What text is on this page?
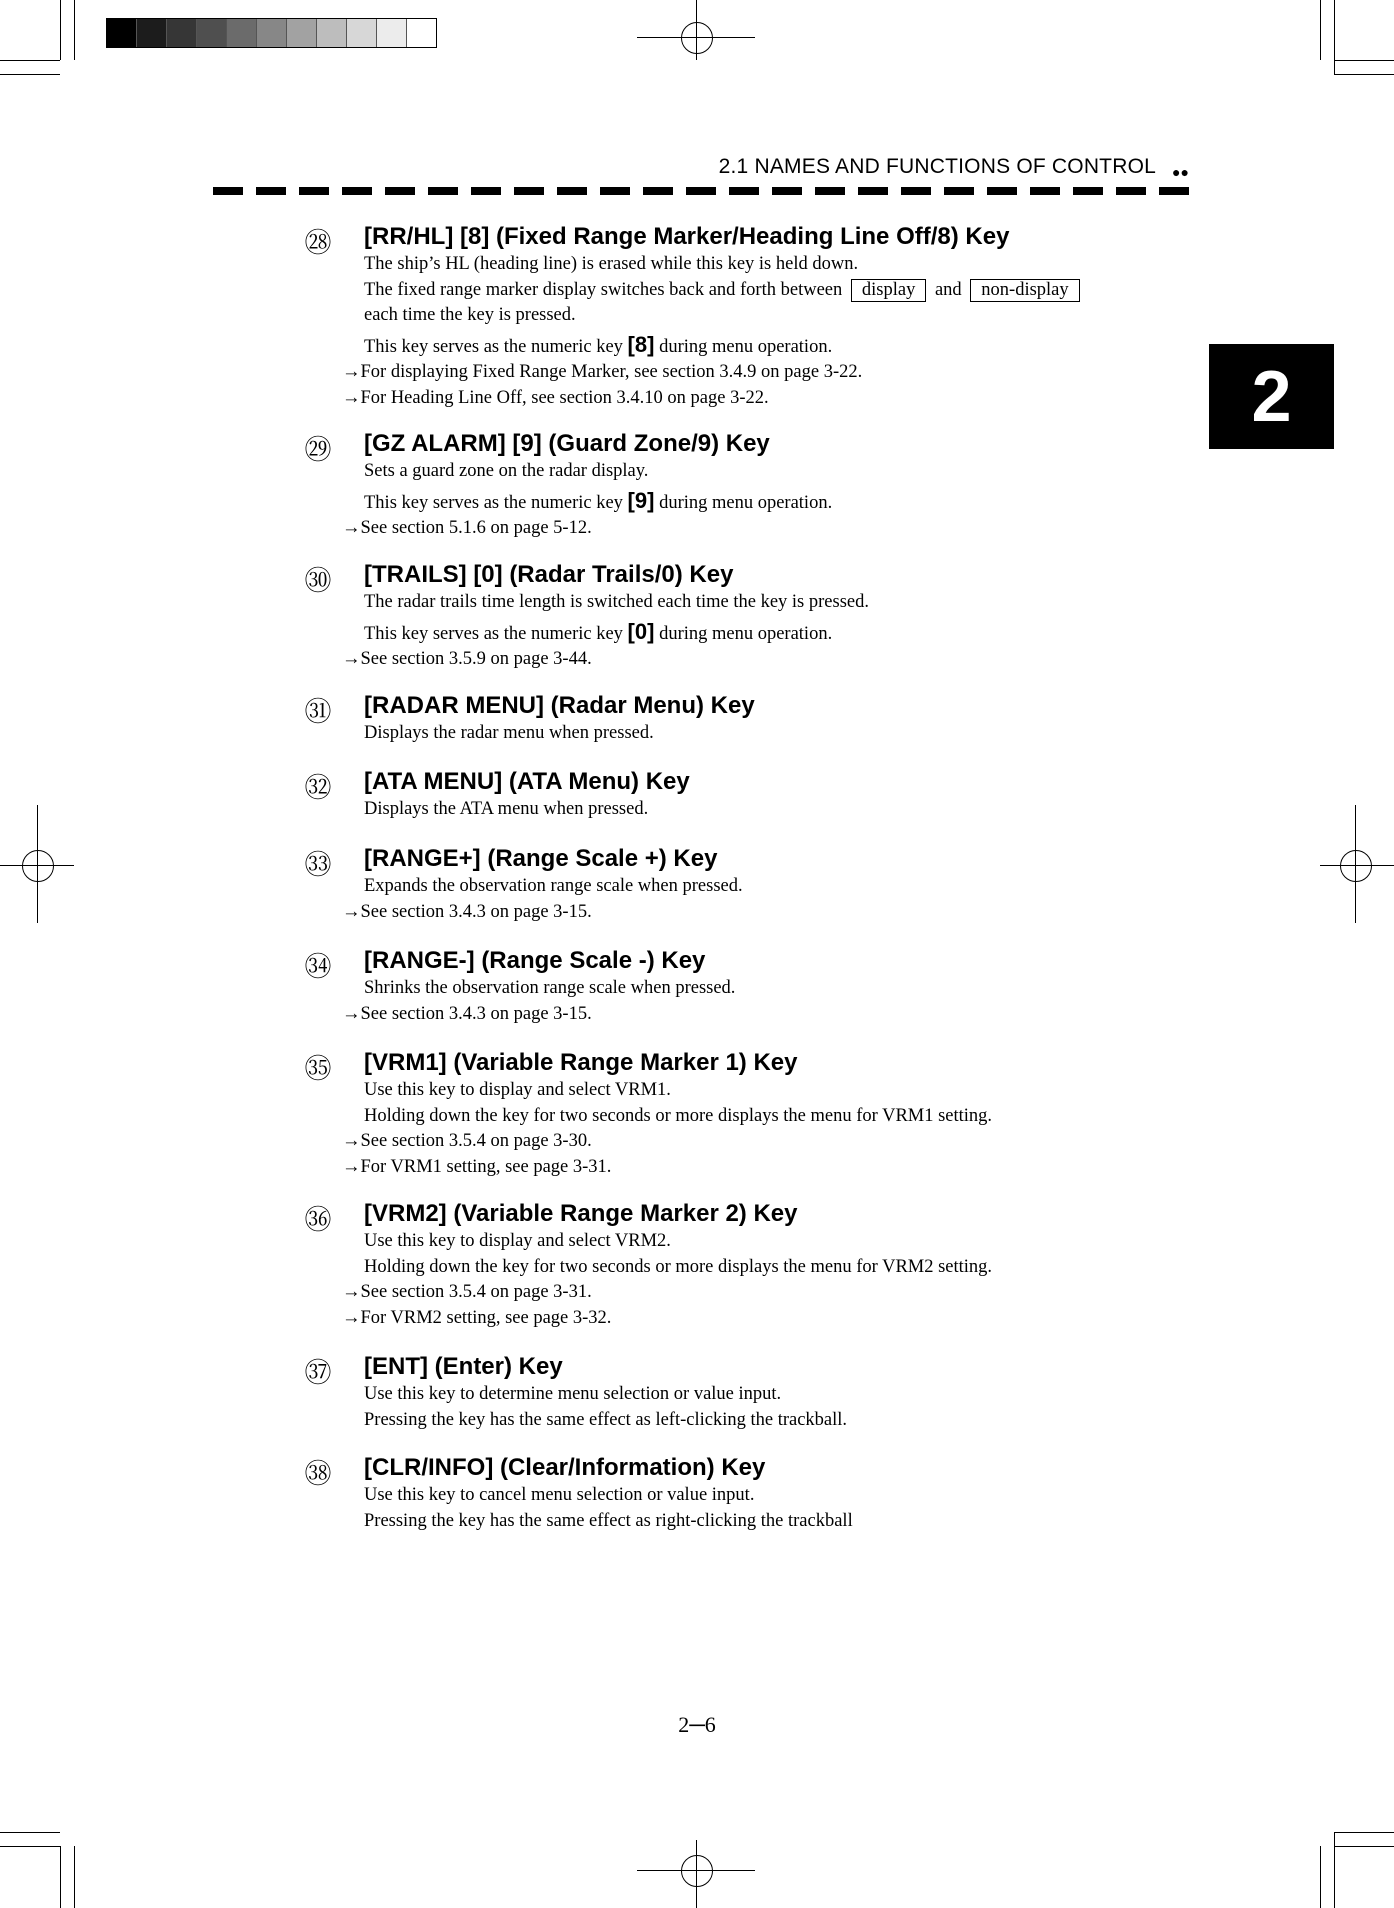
2.1 NAMES AND FUNCTIONS OF CONTROL ●●
2
㉘ [RR/HL] [8] (Fixed Range Marker/Heading Line Off/8) Key
The ship’s HL (heading line) is erased while this key is held down.
The fixed range marker display switches back and forth between display and non-display
each time the key is pressed.
This key serves as the numeric key [8] during menu operation.
→For displaying Fixed Range Marker, see section 3.4.9 on page 3-22.
→For Heading Line Off, see section 3.4.10 on page 3-22.
㉙ [GZ ALARM] [9] (Guard Zone/9) Key
Sets a guard zone on the radar display.
This key serves as the numeric key [9] during menu operation.
→See section 5.1.6 on page 5-12.
㉚ [TRAILS] [0] (Radar Trails/0) Key
The radar trails time length is switched each time the key is pressed.
This key serves as the numeric key [0] during menu operation.
→See section 3.5.9 on page 3-44.
㉛ [RADAR MENU] (Radar Menu) Key
Displays the radar menu when pressed.
㉜ [ATA MENU] (ATA Menu) Key
Displays the ATA menu when pressed.
㉝ [RANGE+] (Range Scale +) Key
Expands the observation range scale when pressed.
→See section 3.4.3 on page 3-15.
㉞ [RANGE-] (Range Scale -) Key
Shrinks the observation range scale when pressed.
→See section 3.4.3 on page 3-15.
㉟ [VRM1] (Variable Range Marker 1) Key
Use this key to display and select VRM1.
Holding down the key for two seconds or more displays the menu for VRM1 setting.
→See section 3.5.4 on page 3-30.
→For VRM1 setting, see page 3-31.
㊱ [VRM2] (Variable Range Marker 2) Key
Use this key to display and select VRM2.
Holding down the key for two seconds or more displays the menu for VRM2 setting.
→See section 3.5.4 on page 3-31.
→For VRM2 setting, see page 3-32.
㊲ [ENT] (Enter) Key
Use this key to determine menu selection or value input.
Pressing the key has the same effect as left-clicking the trackball.
㊳ [CLR/INFO] (Clear/Information) Key
Use this key to cancel menu selection or value input.
Pressing the key has the same effect as right-clicking the trackball
2─6
